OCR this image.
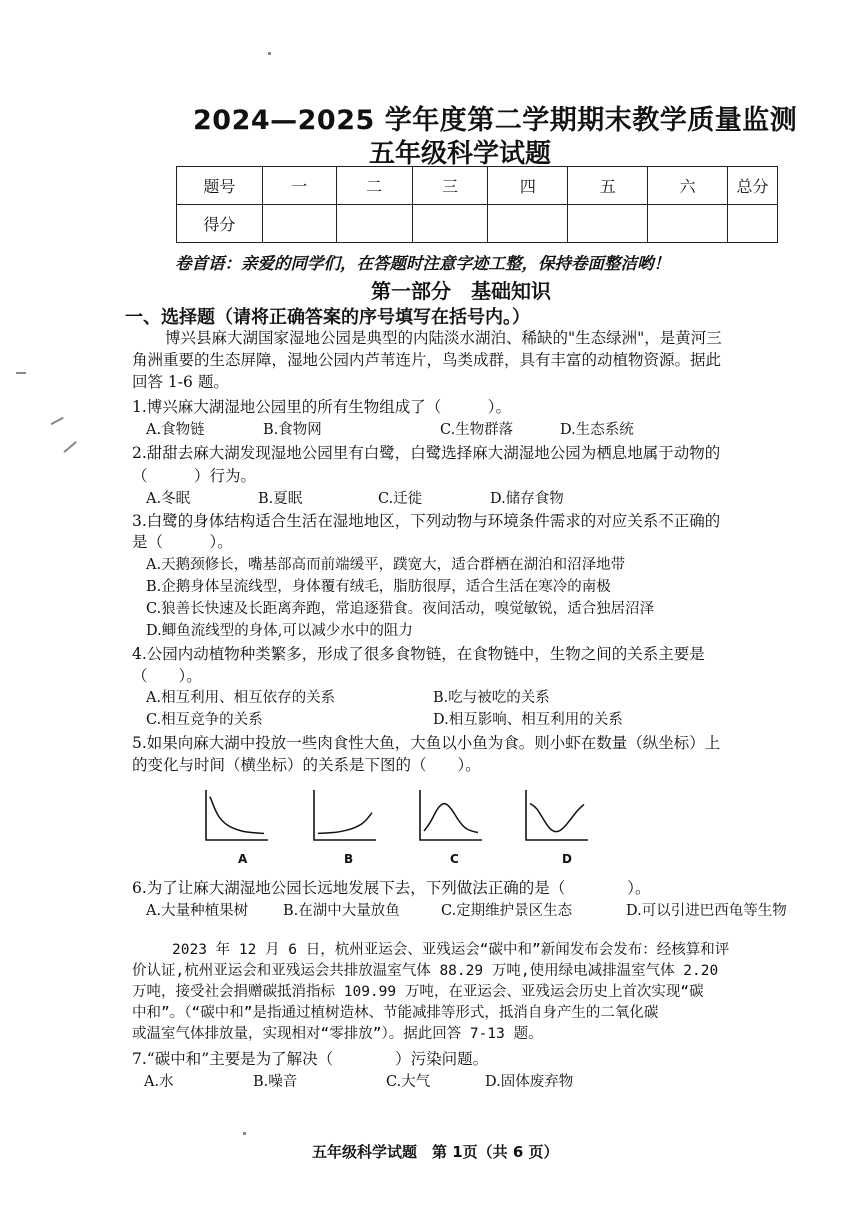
2024—2025 学年度第二学期期末教学质量监测
五年级科学试题
题号	一	二	三	四	五	六	总分
得分							
卷首语：亲爱的同学们，在答题时注意字迹工整，保持卷面整洁哟！
第一部分　基础知识
一、选择题（请将正确答案的序号填写在括号内。）
博兴县麻大湖国家湿地公园是典型的内陆淡水湖泊、稀缺的"生态绿洲"，是黄河三
角洲重要的生态屏障，湿地公园内芦苇连片，鸟类成群，具有丰富的动植物资源。据此
回答 1-6 题。
1.博兴麻大湖湿地公园里的所有生物组成了（　　　）。
A.食物链	B.食物网	C.生物群落	D.生态系统
2.甜甜去麻大湖发现湿地公园里有白鹭，白鹭选择麻大湖湿地公园为栖息地属于动物的
（　　　）行为。
A.冬眠	B.夏眠	C.迁徙	D.储存食物
3.白鹭的身体结构适合生活在湿地地区，下列动物与环境条件需求的对应关系不正确的
是（　　　）。
A.天鹅颈修长，嘴基部高而前端缓平，蹼宽大，适合群栖在湖泊和沼泽地带
B.企鹅身体呈流线型，身体覆有绒毛，脂肪很厚，适合生活在寒冷的南极
C.狼善长快速及长距离奔跑，常追逐猎食。夜间活动，嗅觉敏锐，适合独居沼泽
D.鲫鱼流线型的身体,可以减少水中的阻力
4.公园内动植物种类繁多，形成了很多食物链，在食物链中，生物之间的关系主要是
（　　）。
A.相互利用、相互依存的关系	B.吃与被吃的关系
C.相互竞争的关系	D.相互影响、相互利用的关系
5.如果向麻大湖中投放一些肉食性大鱼，大鱼以小鱼为食。则小虾在数量（纵坐标）上
的变化与时间（横坐标）的关系是下图的（　　）。
A	B	C	D
6.为了让麻大湖湿地公园长远地发展下去，下列做法正确的是（　　　　）。
A.大量种植果树 B.在湖中大量放鱼	C.定期维护景区生态	D.可以引进巴西龟等生物
2023 年 12 月 6 日，杭州亚运会、亚残运会“碳中和”新闻发布会发布：经核算和评
价认证,杭州亚运会和亚残运会共排放温室气体 88.29 万吨,使用绿电减排温室气体 2.20
万吨，接受社会捐赠碳抵消指标 109.99 万吨，在亚运会、亚残运会历史上首次实现“碳
中和”。（“碳中和”是指通过植树造林、节能减排等形式，抵消自身产生的二氧化碳
或温室气体排放量，实现相对“零排放”）。据此回答 7-13 题。
7.“碳中和”主要是为了解决（　　　　）污染问题。
A.水	B.噪音	C.大气	D.固体废弃物
五年级科学试题　第 1页（共 6 页）
